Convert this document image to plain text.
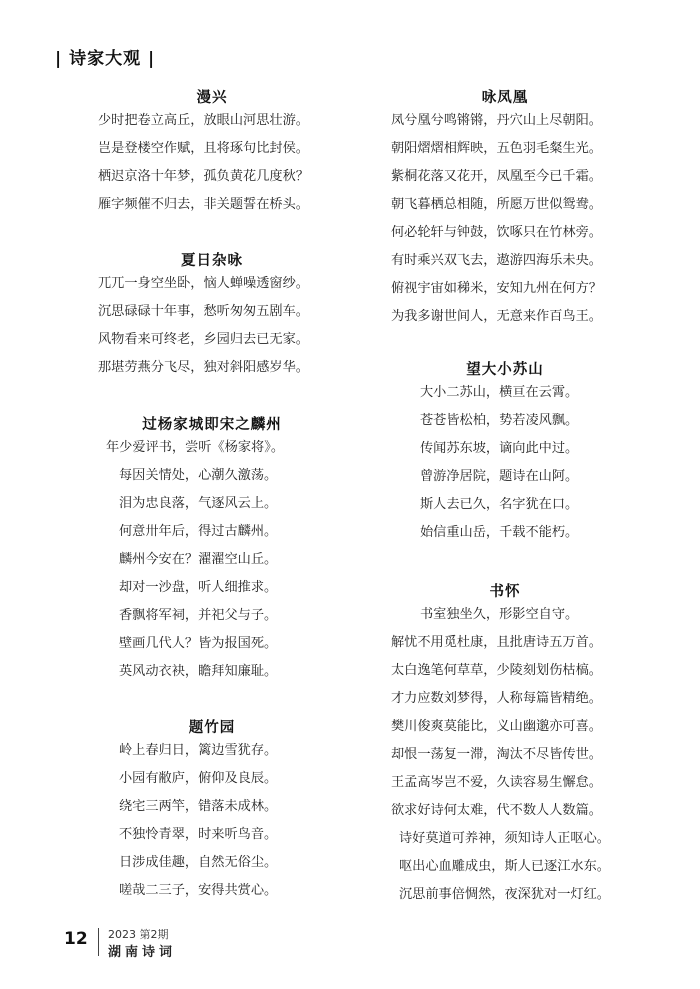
| 诗家大观 |
漫兴
少时把卷立高丘，放眼山河思壮游。
岂是登楼空作赋，且将琢句比封侯。
栖迟京洛十年梦，孤负黄花几度秋？
雁字频催不归去，非关题誓在桥头。
夏日杂咏
兀兀一身空坐卧，恼人蝉噪透窗纱。
沉思碌碌十年事，愁听匆匆五剧车。
风物看来可终老，乡园归去已无家。
那堪劳燕分飞尽，独对斜阳感岁华。
过杨家城即宋之麟州
年少爱评书，尝听《杨家将》。
每因关情处，心潮久激荡。
泪为忠良落，气逐风云上。
何意卅年后，得过古麟州。
麟州今安在？濯濯空山丘。
却对一沙盘，听人细推求。
香飘将军祠，并祀父与子。
壁画几代人？皆为报国死。
英风动衣袂，瞻拜知廉耻。
题竹园
岭上春归日，篱边雪犹存。
小园有敝庐，俯仰及良辰。
绕宅三两竿，错落未成林。
不独怜青翠，时来听鸟音。
日涉成佳趣，自然无俗尘。
嗟哉二三子，安得共赏心。
咏凤凰
凤兮凰兮鸣锵锵，丹穴山上尽朝阳。
朝阳熠熠相辉映，五色羽毛粲生光。
紫桐花落又花开，凤凰至今已千霜。
朝飞暮栖总相随，所愿万世似鸳鸯。
何必轮轩与钟鼓，饮啄只在竹林旁。
有时乘兴双飞去，遨游四海乐未央。
俯视宇宙如稊米，安知九州在何方？
为我多谢世间人，无意来作百鸟王。
望大小苏山
大小二苏山，横亘在云霄。
苍苍皆松柏，势若凌风飘。
传闻苏东坡，谪向此中过。
曾游净居院，题诗在山阿。
斯人去已久，名字犹在口。
始信重山岳，千载不能朽。
书怀
书室独坐久，形影空自守。
解忧不用觅杜康，且批唐诗五万首。
太白逸笔何草草，少陵刻划伤枯槁。
才力应数刘梦得，人称每篇皆精绝。
樊川俊爽莫能比，义山幽邈亦可喜。
却恨一荡复一滞，淘汰不尽皆传世。
王孟高岑岂不爱，久读容易生懈怠。
欲求好诗何太难，代不数人人数篇。
诗好莫道可养神，须知诗人正呕心。
呕出心血雕成虫，斯人已逐江水东。
沉思前事倍惆然，夜深犹对一灯红。
12 2023 第2期
湖南诗词
